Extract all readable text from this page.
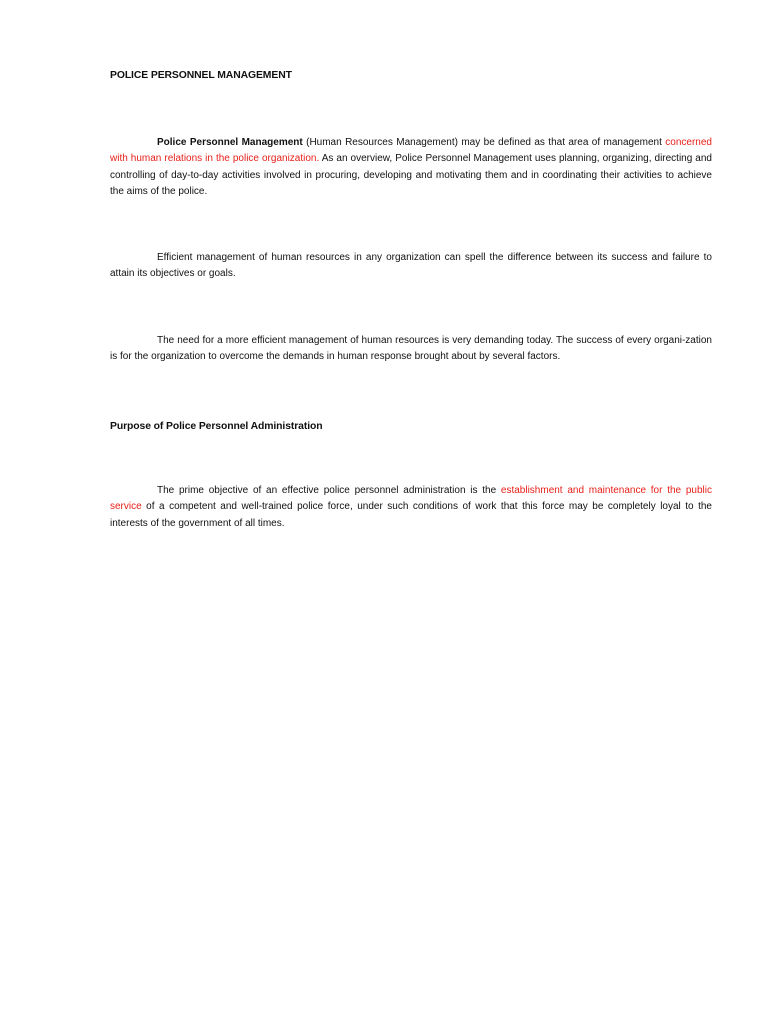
POLICE PERSONNEL MANAGEMENT

Police Personnel Management (Human Resources Management) may be defined as that area of management concerned with human relations in the police organization. As an overview, Police Personnel Management uses planning, organizing, directing and controlling of day-to-day activities involved in procuring, developing and motivating them and in coordinating their activities to achieve the aims of the police.

Efficient management of human resources in any organization can spell the difference between its success and failure to attain its objectives or goals.

The need for a more efficient management of human resources is very demanding today. The success of every organi-zation is for the organization to overcome the demands in human response brought about by several factors.

Purpose of Police Personnel Administration

The prime objective of an effective police personnel administration is the establishment and maintenance for the public service of a competent and well-trained police force, under such conditions of work that this force may be completely loyal to the interests of the government of all times.
